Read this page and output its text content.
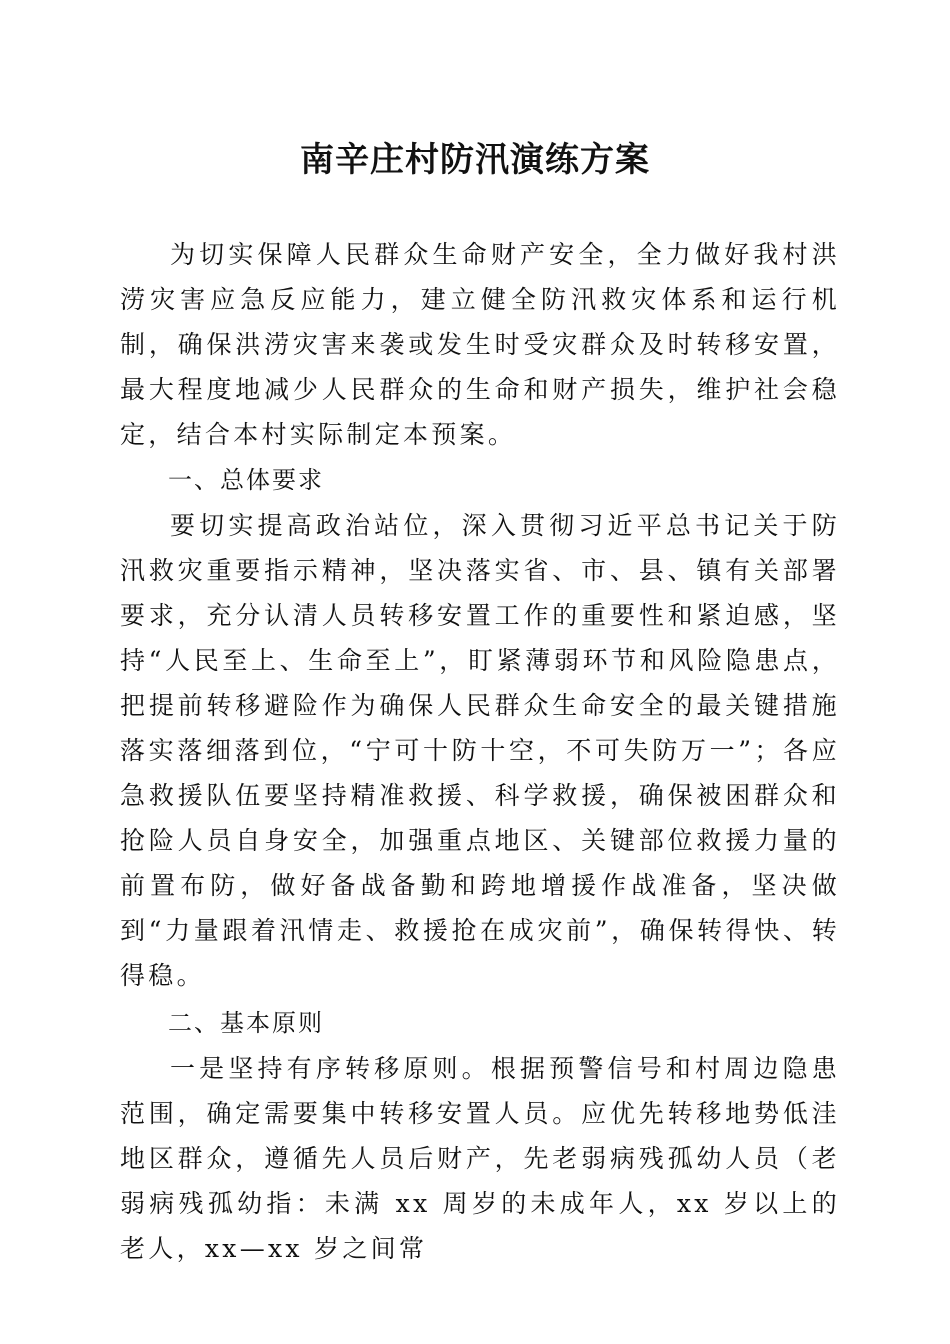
南辛庄村防汛演练方案

为切实保障人民群众生命财产安全，全力做好我村洪涝灾害应急反应能力，建立健全防汛救灾体系和运行机制，确保洪涝灾害来袭或发生时受灾群众及时转移安置，最大程度地减少人民群众的生命和财产损失，维护社会稳定，结合本村实际制定本预案。

一、总体要求

要切实提高政治站位，深入贯彻习近平总书记关于防汛救灾重要指示精神，坚决落实省、市、县、镇有关部署要求，充分认清人员转移安置工作的重要性和紧迫感，坚持“人民至上、生命至上”，盯紧薄弱环节和风险隐患点，把提前转移避险作为确保人民群众生命安全的最关键措施落实落细落到位，“宁可十防十空，不可失防万一”；各应急救援队伍要坚持精准救援、科学救援，确保被困群众和抢险人员自身安全，加强重点地区、关键部位救援力量的前置布防，做好备战备勤和跨地增援作战准备，坚决做到“力量跟着汛情走、救援抢在成灾前”，确保转得快、转得稳。

二、基本原则

一是坚持有序转移原则。根据预警信号和村周边隐患范围，确定需要集中转移安置人员。应优先转移地势低洼地区群众，遵循先人员后财产，先老弱病残孤幼人员（老弱病残孤幼指：未满 xx 周岁的未成年人，xx 岁以上的老人，xx—xx 岁之间常
